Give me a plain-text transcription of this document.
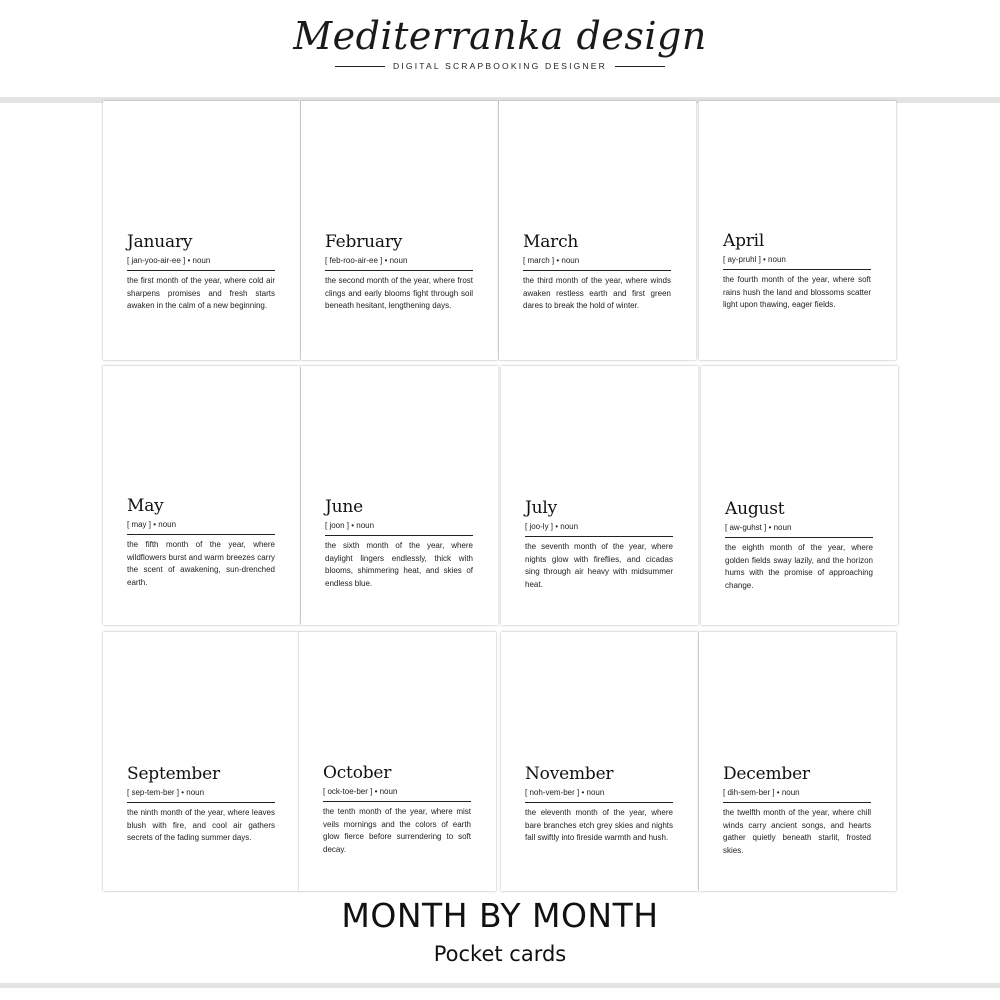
Mediterranka design
DIGITAL SCRAPBOOKING DESIGNER
January
[ jan-yoo-air-ee ] • noun
the first month of the year, where cold air sharpens promises and fresh starts awaken in the calm of a new beginning.
February
[ feb-roo-air-ee ] • noun
the second month of the year, where frost clings and early blooms fight through soil beneath hesitant, lengthening days.
March
[ march ] • noun
the third month of the year, where winds awaken restless earth and first green dares to break the hold of winter.
April
[ ay-pruhl ] • noun
the fourth month of the year, where soft rains hush the land and blossoms scatter light upon thawing, eager fields.
May
[ may ] • noun
the fifth month of the year, where wildflowers burst and warm breezes carry the scent of awakening, sun-drenched earth.
June
[ joon ] • noun
the sixth month of the year, where daylight lingers endlessly, thick with blooms, shimmering heat, and skies of endless blue.
July
[ joo-ly ] • noun
the seventh month of the year, where nights glow with fireflies, and cicadas sing through air heavy with midsummer heat.
August
[ aw-guhst ] • noun
the eighth month of the year, where golden fields sway lazily, and the horizon hums with the promise of approaching change.
September
[ sep-tem-ber ] • noun
the ninth month of the year, where leaves blush with fire, and cool air gathers secrets of the fading summer days.
October
[ ock-toe-ber ] • noun
the tenth month of the year, where mist veils mornings and the colors of earth glow fierce before surrendering to soft decay.
November
[ noh-vem-ber ] • noun
the eleventh month of the year, where bare branches etch grey skies and nights fall swiftly into fireside warmth and hush.
December
[ dih-sem-ber ] • noun
the twelfth month of the year, where chill winds carry ancient songs, and hearts gather quietly beneath starlit, frosted skies.
MONTH BY MONTH
Pocket cards
